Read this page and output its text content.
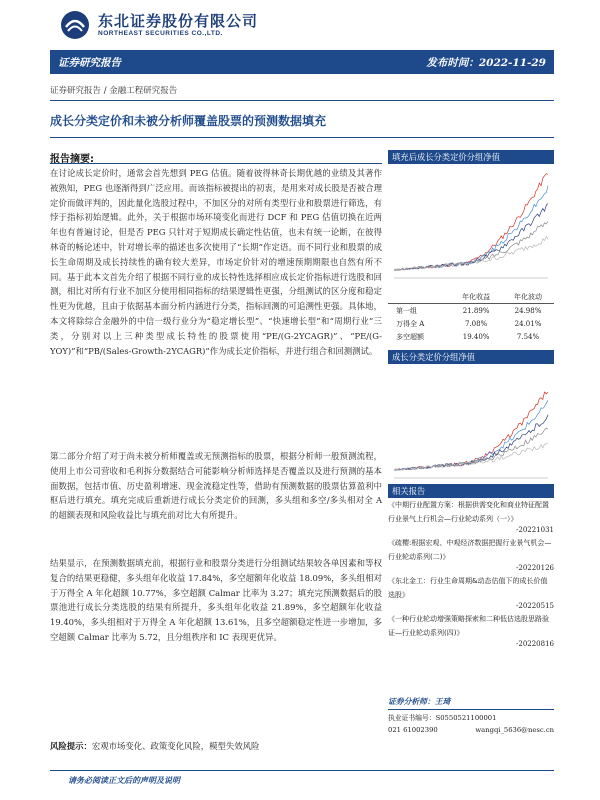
东北证券股份有限公司
NORTHEAST SECURITIES CO.,LTD.
证券研究报告	发布时间：2022-11-29
证券研究报告 / 金融工程研究报告
成长分类定价和未被分析师覆盖股票的预测数据填充
报告摘要:

在讨论成长定价时，通常会首先想到 PEG 估值。随着彼得林奇长期优越的业绩及其著作被熟知，PEG 也逐渐得到广泛应用。而该指标被提出的初衷，是用来对成长股是否被合理定价而做评判的，因此量化选股过程中，不加区分的对所有类型行业和股票进行筛选，有悖于指标初始逻辑。此外，关于根据市场环境变化而进行 DCF 和 PEG 估值切换在近两年也有普遍讨论，但是否 PEG 只针对于短期成长确定性估值，也未有统一论断，在彼得林奇的畅论述中，针对增长率的描述也多次使用了“长期”作定语。而不同行业和股票的成长生命周期及成长持续性的确有较大差异，市场定价针对的增速预期期限也自然有所不同。基于此本文首先介绍了根据不同行业的成长特性选择相应成长定价指标进行选股和回测，相比对所有行业不加区分使用相同指标的结果逻辑性更强，分组测试的区分度和稳定性更为优越，且由于依据基本面分析内涵进行分类，指标回测的可追溯性更强。具体地，本文将除综合金融外的中信一级行业分为“稳定增长型”、“快速增长型”和“周期行业”三类，分别对以上三种类型成长特性的股票使用“PE/(G-2YCAGR)”、“PE/(G-YOY)”和“PB/(Sales-Growth-2YCAGR)”作为成长定价指标，并进行组合和回测测试。

第二部分介绍了对于尚未被分析师覆盖或无预测指标的股票，根据分析师一般预测流程，使用上市公司营收和毛利拆分数据结合可能影响分析师选择是否覆盖以及进行预测的基本面数据，包括市值、历史盈利增速、现金流稳定性等，借助有预测数据的股票估算盈利中枢后进行填充。填充完成后重新进行成长分类定价的回测，多头组和多空/多头相对全 A 的超额表现和风险收益比与填充前对比大有所提升。

结果显示，在预测数据填充前，根据行业和股票分类进行分组测试结果较各单因素和等权复合的结果更稳健，多头组年化收益 17.84%，多空超额年化收益 18.09%，多头组相对于万得全 A 年化超额 10.77%，多空超额 Calmar 比率为 3.27；填充完预测数据后的股票池进行成长分类选股的结果有所提升，多头组年化收益 21.89%，多空超额年化收益 19.40%，多头组相对于万得全 A 年化超额 13.61%，且多空超额稳定性进一步增加，多空超额 Calmar 比率为 5.72，且分组秩序和 IC 表现更优异。

风险提示：宏观市场变化、政策变化风险，模型失效风险
填充后成长分类定价分组净值
	年化收益	年化波动
第一组	21.89%	24.98%
万得全 A	7.08%	24.01%
多空超额	19.40%	7.54%
成长分类定价分组净值
相关报告
《中期行业配置方案：根据供需变化和商业特征配置行业景气上行机会—行业轮动系列（一）》
-20221031
《疏樱:根据宏观、中观经济数据把握行业景气机会—行业轮动系列(二)》
-20220126
《东北金工：行业生命周期&动态估值下的成长价值选股》
-20220515
《一种行业轮动增强策略探索和二种低估选股思路验证—行业轮动系列(四)》
-20220816
证券分析师：王琦
执业证书编号：S0550521100001
021 61002390	wangqi_5636@nesc.cn
请务必阅读正文后的声明及说明
